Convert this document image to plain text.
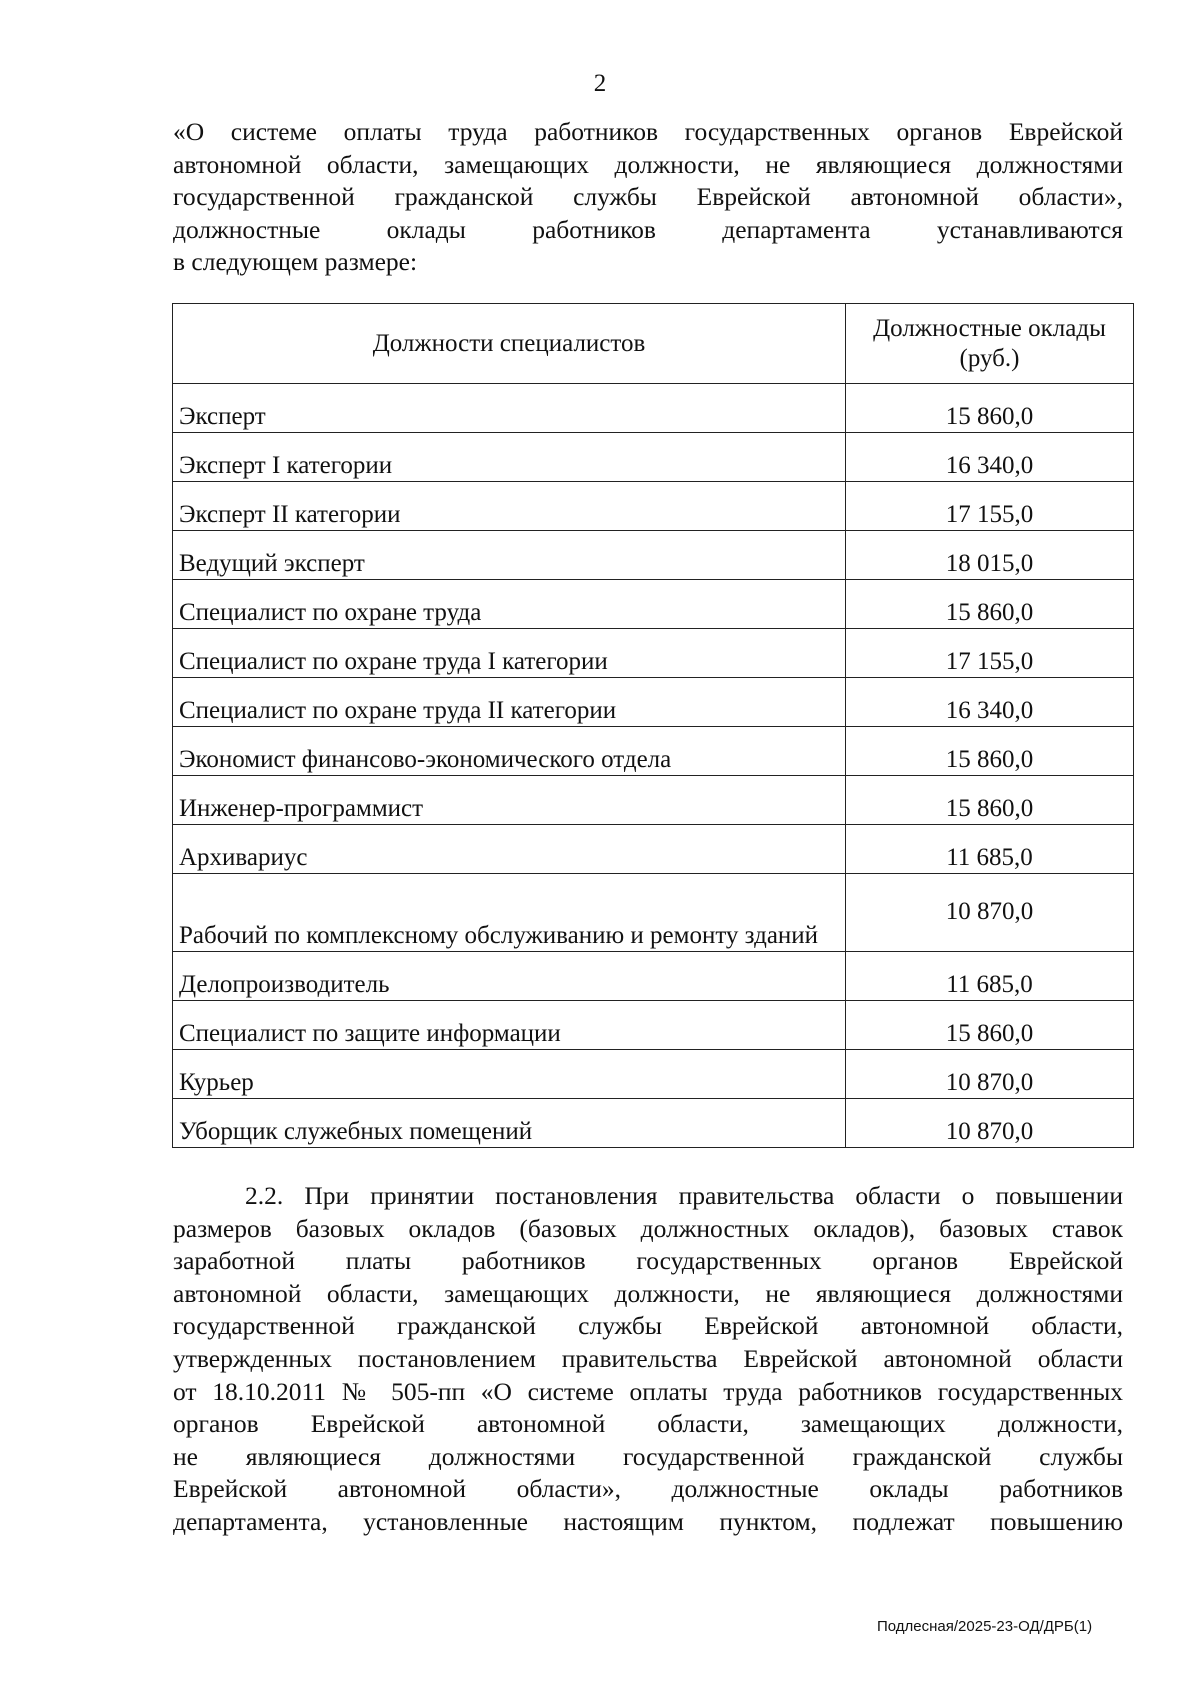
2
«О системе оплаты труда работников государственных органов Еврейской
автономной области, замещающих должности, не являющиеся должностями
государственной гражданской службы Еврейской автономной области»,
должностные оклады работников департамента устанавливаются
в следующем размере:
Должности специалистов	Должностные оклады (руб.)
Эксперт	15 860,0
Эксперт I категории	16 340,0
Эксперт II категории	17 155,0
Ведущий эксперт	18 015,0
Специалист по охране труда	15 860,0
Специалист по охране труда I категории	17 155,0
Специалист по охране труда II категории	16 340,0
Экономист финансово-экономического отдела	15 860,0
Инженер-программист	15 860,0
Архивариус	11 685,0
Рабочий по комплексному обслуживанию и ремонту зданий	10 870,0
Делопроизводитель	11 685,0
Специалист по защите информации	15 860,0
Курьер	10 870,0
Уборщик служебных помещений	10 870,0
2.2. При принятии постановления правительства области о повышении
размеров базовых окладов (базовых должностных окладов), базовых ставок
заработной платы работников государственных органов Еврейской
автономной области, замещающих должности, не являющиеся должностями
государственной гражданской службы Еврейской автономной области,
утвержденных постановлением правительства Еврейской автономной области
от 18.10.2011 № 505-пп «О системе оплаты труда работников государственных
органов Еврейской автономной области, замещающих должности,
не являющиеся должностями государственной гражданской службы
Еврейской автономной области», должностные оклады работников
департамента, установленные настоящим пунктом, подлежат повышению
Подлесная/2025-23-ОД/ДРБ(1)
